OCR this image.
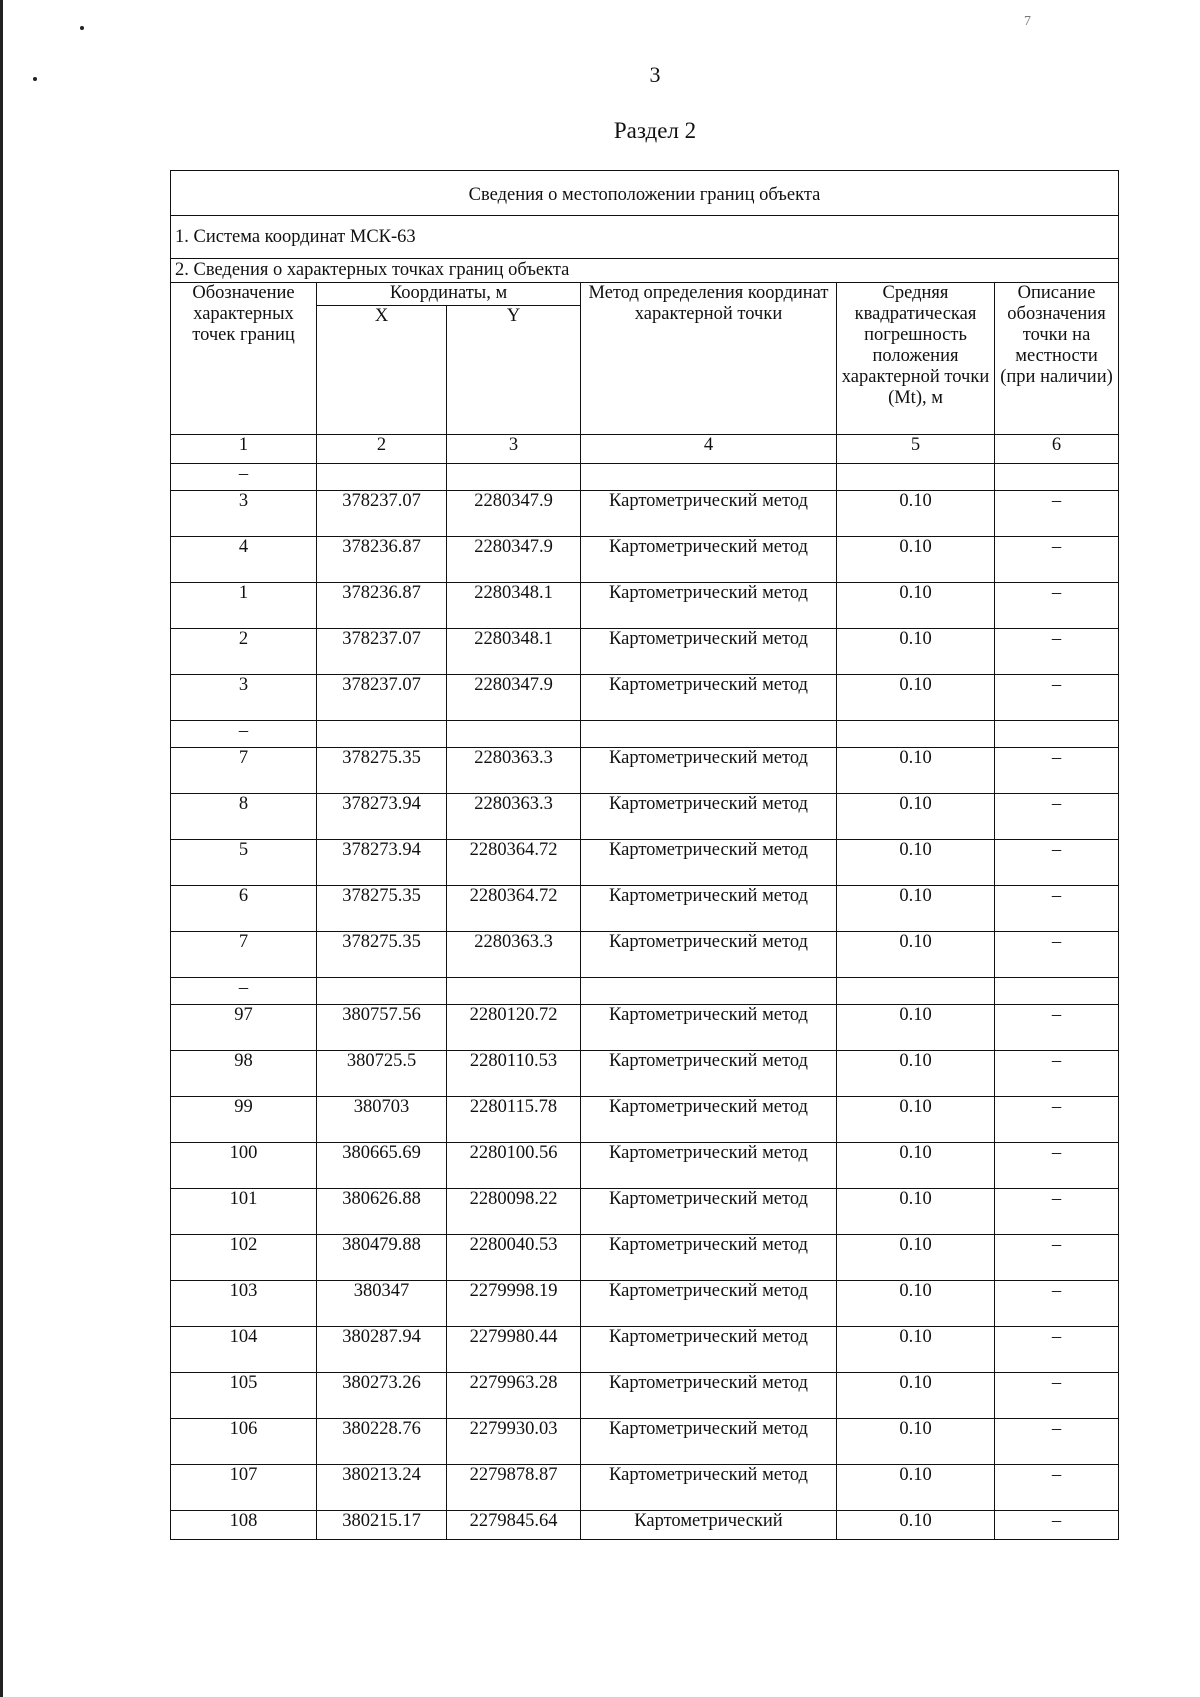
3
7
Раздел 2
Сведения о местоположении границ объекта					
1. Система координат МСК-63					
2. Сведения о характерных точках границ объекта					
Обозначение характерных точек границ	Координаты, м		Метод определения координат характерной точки	Средняя квадратическая погрешность положения характерной точки (Mt), м	Описание обозначения точки на местности (при наличии)
	X	Y			
1	2	3	4	5	6
–					
3	378237.07	2280347.9	Картометрический метод	0.10	–
4	378236.87	2280347.9	Картометрический метод	0.10	–
1	378236.87	2280348.1	Картометрический метод	0.10	–
2	378237.07	2280348.1	Картометрический метод	0.10	–
3	378237.07	2280347.9	Картометрический метод	0.10	–
–					
7	378275.35	2280363.3	Картометрический метод	0.10	–
8	378273.94	2280363.3	Картометрический метод	0.10	–
5	378273.94	2280364.72	Картометрический метод	0.10	–
6	378275.35	2280364.72	Картометрический метод	0.10	–
7	378275.35	2280363.3	Картометрический метод	0.10	–
–					
97	380757.56	2280120.72	Картометрический метод	0.10	–
98	380725.5	2280110.53	Картометрический метод	0.10	–
99	380703	2280115.78	Картометрический метод	0.10	–
100	380665.69	2280100.56	Картометрический метод	0.10	–
101	380626.88	2280098.22	Картометрический метод	0.10	–
102	380479.88	2280040.53	Картометрический метод	0.10	–
103	380347	2279998.19	Картометрический метод	0.10	–
104	380287.94	2279980.44	Картометрический метод	0.10	–
105	380273.26	2279963.28	Картометрический метод	0.10	–
106	380228.76	2279930.03	Картометрический метод	0.10	–
107	380213.24	2279878.87	Картометрический метод	0.10	–
108	380215.17	2279845.64	Картометрический	0.10	–
